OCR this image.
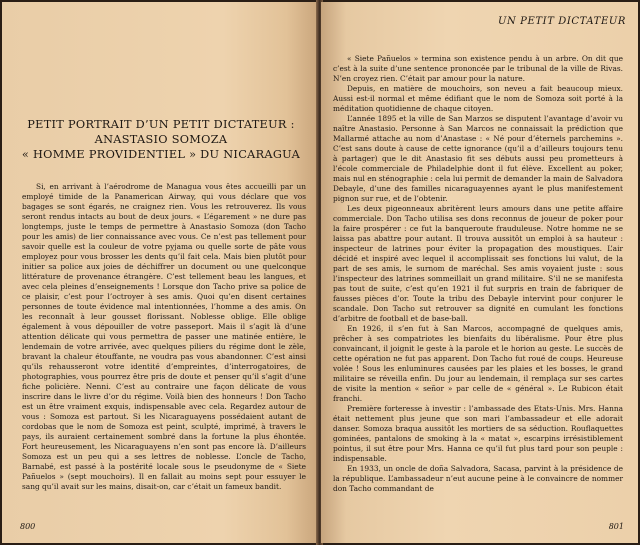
PETIT PORTRAIT D’UN PETIT DICTATEUR :
ANASTASIO SOMOZA
« HOMME PROVIDENTIEL » DU NICARAGUA

Si, en arrivant à l’aérodrome de Managua vous êtes accueilli par un employé timide de la Panamerican Airway, qui vous déclare que vos bagages se sont égarés, ne craignez rien. Vous les retrouverez. Ils vous seront rendus intacts au bout de deux jours. « L’égarement » ne dure pas longtemps, juste le temps de permettre à Anastasio Somoza (don Tacho pour les amis) de lier connaissance avec vous. Ce n’est pas tellement pour savoir quelle est la couleur de votre pyjama ou quelle sorte de pâte vous employez pour vous brosser les dents qu’il fait cela. Mais bien plutôt pour initier sa police aux joies de déchiffrer un document ou une quelconque littérature de provenance étrangère. C’est tellement beau les langues, et avec cela pleines d’enseignements ! Lorsque don Tacho prive sa police de ce plaisir, c’est pour l’octroyer à ses amis. Quoi qu’en disent certaines personnes de toute évidence mal intentionnées, l’homme a des amis. On les reconnaît à leur gousset florissant. Noblesse oblige. Elle oblige également à vous dépouiller de votre passeport. Mais il s’agit là d’une attention délicate qui vous permettra de passer une matinée entière, le lendemain de votre arrivée, avec quelques piliers du régime dont le zèle, bravant la chaleur étouffante, ne voudra pas vous abandonner. C’est ainsi qu’ils rehausseront votre identité d’empreintes, d’interrogatoires, de photographies, vous pourrez être pris de doute et penser qu’il s’agit d’une fiche policière. Nenni. C’est au contraire une façon délicate de vous inscrire dans le livre d’or du régime. Voilà bien des honneurs ! Don Tacho est un être vraiment exquis, indispensable avec cela. Regardez autour de vous : Somoza est partout. Si les Nicaraguayens possédaient autant de cordobas que le nom de Somoza est peint, sculpté, imprimé, à travers le pays, ils auraient certainement sombré dans la fortune la plus éhontée. Fort heureusement, les Nicaraguayens n’en sont pas encore là. D’ailleurs Somoza est un peu qui a ses lettres de noblesse. L’oncle de Tacho, Barnabé, est passé à la postérité locale sous le pseudonyme de « Siete Pañuelos » (sept mouchoirs). Il en fallait au moins sept pour essuyer le sang qu’il avait sur les mains, disait-on, car c’était un fameux bandit.

800

UN PETIT DICTATEUR

« Siete Pañuelos » termina son existence pendu à un arbre. On dit que c’est à la suite d’une sentence prononcée par le tribunal de la ville de Rivas. N’en croyez rien. C’était par amour pour la nature.

Depuis, en matière de mouchoirs, son neveu a fait beaucoup mieux. Aussi est-il normal et même édifiant que le nom de Somoza soit porté à la méditation quotidienne de chaque citoyen.

L’année 1895 et la ville de San Marzos se disputent l’avantage d’avoir vu naître Anastasio. Personne à San Marcos ne connaissait la prédiction que Mallarmé attache au nom d’Anastase : « Né pour d’éternels parchemins ». C’est sans doute à cause de cette ignorance (qu’il a d’ailleurs toujours tenu à partager) que le dit Anastasio fit ses débuts aussi peu prometteurs à l’école commerciale de Philadelphie dont il fut élève. Excellent au poker, mais nul en sténographie : cela lui permit de demander la main de Salvadora Debayle, d’une des familles nicaraguayennes ayant le plus manifestement pignon sur rue, et de l’obtenir.

Les deux pigeonneaux abritèrent leurs amours dans une petite affaire commerciale. Don Tacho utilisa ses dons reconnus de joueur de poker pour la faire prospérer : ce fut la banqueroute frauduleuse. Notre homme ne se laissa pas abattre pour autant. Il trouva aussitôt un emploi à sa hauteur : inspecteur de latrines pour éviter la propagation des moustiques. L’air décidé et inspiré avec lequel il accomplissait ses fonctions lui valut, de la part de ses amis, le surnom de maréchal. Ses amis voyaient juste : sous l’inspecteur des latrines sommeillait un grand militaire. S’il ne se manifesta pas tout de suite, c’est qu’en 1921 il fut surpris en train de fabriquer de fausses pièces d’or. Toute la tribu des Debayle intervint pour conjurer le scandale. Don Tacho sut retrouver sa dignité en cumulant les fonctions d’arbitre de football et de base-ball.

En 1926, il s’en fut à San Marcos, accompagné de quelques amis, prêcher à ses compatriotes les bienfaits du libéralisme. Pour être plus convaincant, il joignit le geste à la parole et le horion au geste. Le succès de cette opération ne fut pas apparent. Don Tacho fut roué de coups. Heureuse volée ! Sous les enluminures causées par les plaies et les bosses, le grand militaire se réveilla enfin. Du jour au lendemain, il remplaça sur ses cartes de visite la mention « señor » par celle de « général ». Le Rubicon était franchi.

Première forteresse à investir : l’ambassade des Etats-Unis. Mrs. Hanna était nettement plus jeune que son mari l’ambassadeur et elle adorait danser. Somoza braqua aussitôt les mortiers de sa séduction. Rouflaquettes gominées, pantalons de smoking à la « matat », escarpins irrésistiblement pointus, il sut être pour Mrs. Hanna ce qu’il fut plus tard pour son peuple : indispensable.

En 1933, un oncle de doña Salvadora, Sacasa, parvint à la présidence de la république. L’ambassadeur n’eut aucune peine à le convaincre de nommer don Tacho commandant de

801
